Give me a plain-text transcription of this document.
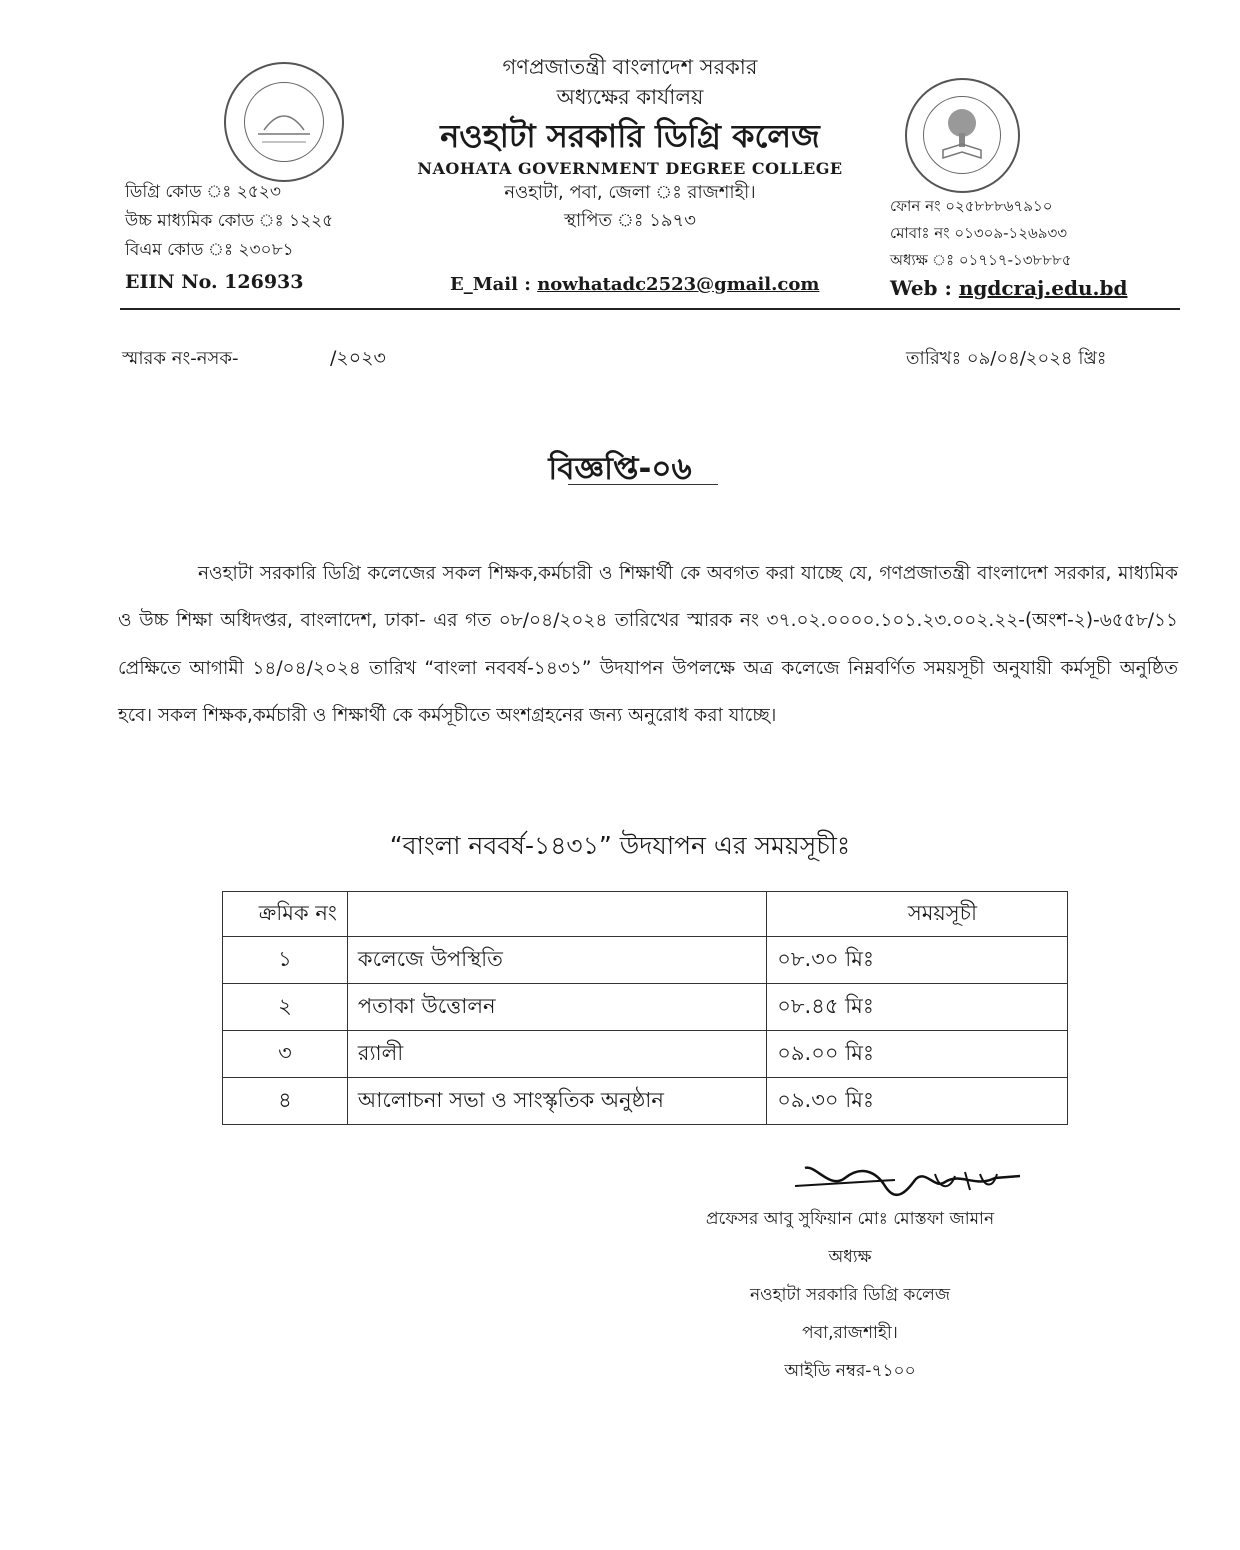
গণপ্রজাতন্ত্রী বাংলাদেশ সরকার
অধ্যক্ষের কার্যালয়
নওহাটা সরকারি ডিগ্রি কলেজ
NAOHATA GOVERNMENT DEGREE COLLEGE
নওহাটা, পবা, জেলা ঃ রাজশাহী।
স্থাপিত ঃ ১৯৭৩
ডিগ্রি কোড ঃ ২৫২৩
উচ্চ মাধ্যমিক কোড ঃ ১২২৫
বিএম কোড ঃ ২৩০৮১
EIIN No. 126933	E_Mail : nowhatadc2523@gmail.com
ফোন নং ০২৫৮৮৮৬৭৯১০
মোবাঃ নং ০১৩০৯-১২৬৯৩৩
অধ্যক্ষ ঃ ০১৭১৭-১৩৮৮৮৫
Web : ngdcraj.edu.bd
স্মারক নং-নসক-	/২০২৩	তারিখঃ ০৯/০৪/২০২৪ খ্রিঃ
বিজ্ঞপ্তি-০৬
নওহাটা সরকারি ডিগ্রি কলেজের সকল শিক্ষক,কর্মচারী ও শিক্ষার্থী কে অবগত করা যাচ্ছে যে, গণপ্রজাতন্ত্রী বাংলাদেশ সরকার, মাধ্যমিক ও উচ্চ শিক্ষা অধিদপ্তর, বাংলাদেশ, ঢাকা- এর গত ০৮/০৪/২০২৪ তারিখের স্মারক নং ৩৭.০২.০০০০.১০১.২৩.০০২.২২-(অংশ-২)-৬৫৫৮/১১ প্রেক্ষিতে আগামী ১৪/০৪/২০২৪ তারিখ “বাংলা নববর্ষ-১৪৩১” উদযাপন উপলক্ষে অত্র কলেজে নিম্নবর্ণিত সময়সূচী অনুযায়ী কর্মসূচী অনুষ্ঠিত হবে। সকল শিক্ষক,কর্মচারী ও শিক্ষার্থী কে কর্মসূচীতে অংশগ্রহনের জন্য অনুরোধ করা যাচ্ছে।
“বাংলা নববর্ষ-১৪৩১” উদযাপন এর সময়সূচীঃ
ক্রমিক নং		সময়সূচী
১	কলেজে উপস্থিতি	০৮.৩০ মিঃ
২	পতাকা উত্তোলন	০৮.৪৫ মিঃ
৩	র‍্যালী	০৯.০০ মিঃ
৪	আলোচনা সভা ও সাংস্কৃতিক অনুষ্ঠান	০৯.৩০ মিঃ
প্রফেসর আবু সুফিয়ান মোঃ মোস্তফা জামান
অধ্যক্ষ
নওহাটা সরকারি ডিগ্রি কলেজ
পবা,রাজশাহী।
আইডি নম্বর-৭১০০
